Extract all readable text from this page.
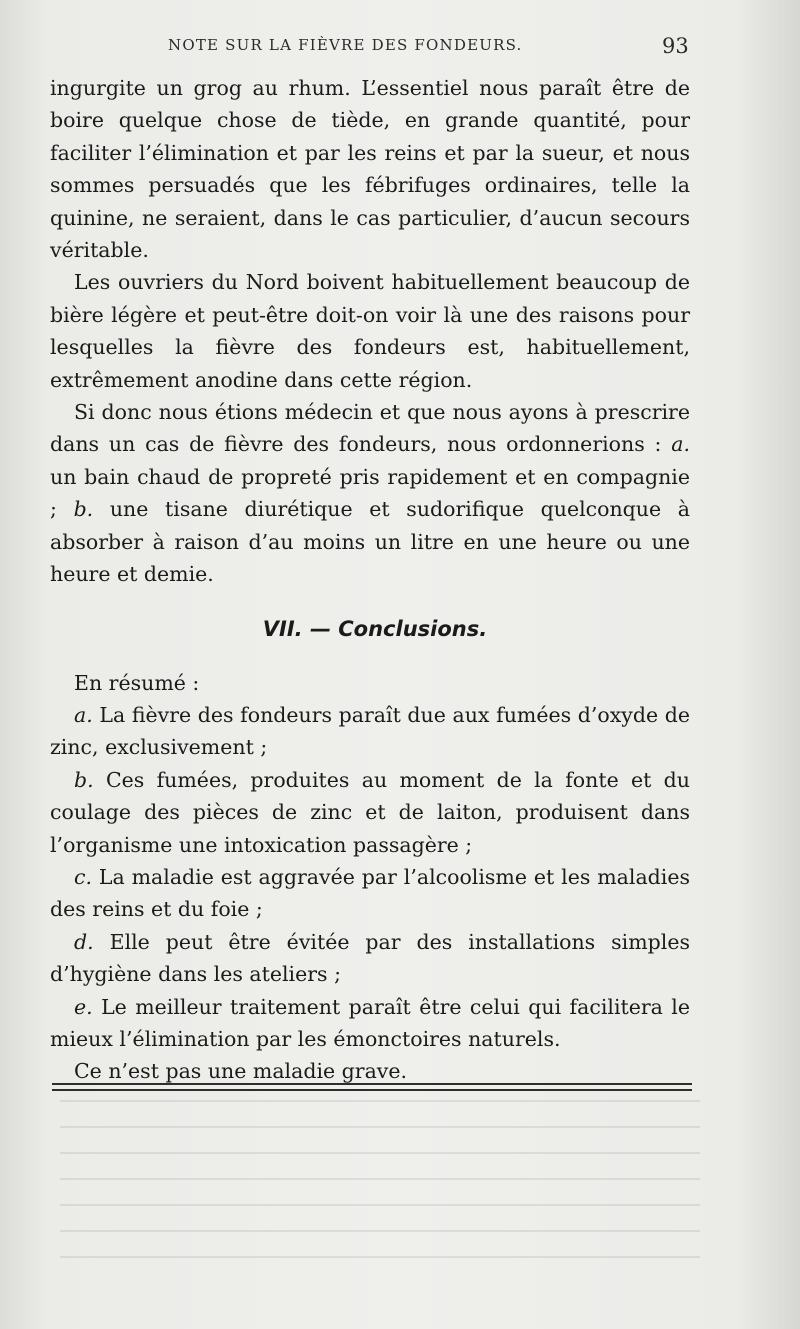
NOTE SUR LA FIÈVRE DES FONDEURS.	93

ingurgite un grog au rhum. L’essentiel nous paraît être de boire quelque chose de tiède, en grande quantité, pour faciliter l’élimination et par les reins et par la sueur, et nous sommes persuadés que les fébrifuges ordinaires, telle la quinine, ne seraient, dans le cas particulier, d’aucun secours véritable.

Les ouvriers du Nord boivent habituellement beaucoup de bière légère et peut-être doit-on voir là une des raisons pour lesquelles la fièvre des fondeurs est, habituellement, extrêmement anodine dans cette région.

Si donc nous étions médecin et que nous ayons à prescrire dans un cas de fièvre des fondeurs, nous ordonnerions : a. un bain chaud de propreté pris rapidement et en compagnie ; b. une tisane diurétique et sudorifique quelconque à absorber à raison d’au moins un litre en une heure ou une heure et demie.

VII. — Conclusions.

En résumé :

a. La fièvre des fondeurs paraît due aux fumées d’oxyde de zinc, exclusivement ;

b. Ces fumées, produites au moment de la fonte et du coulage des pièces de zinc et de laiton, produisent dans l’organisme une intoxication passagère ;

c. La maladie est aggravée par l’alcoolisme et les maladies des reins et du foie ;

d. Elle peut être évitée par des installations simples d’hygiène dans les ateliers ;

e. Le meilleur traitement paraît être celui qui facilitera le mieux l’élimination par les émonctoires naturels.

Ce n’est pas une maladie grave.
